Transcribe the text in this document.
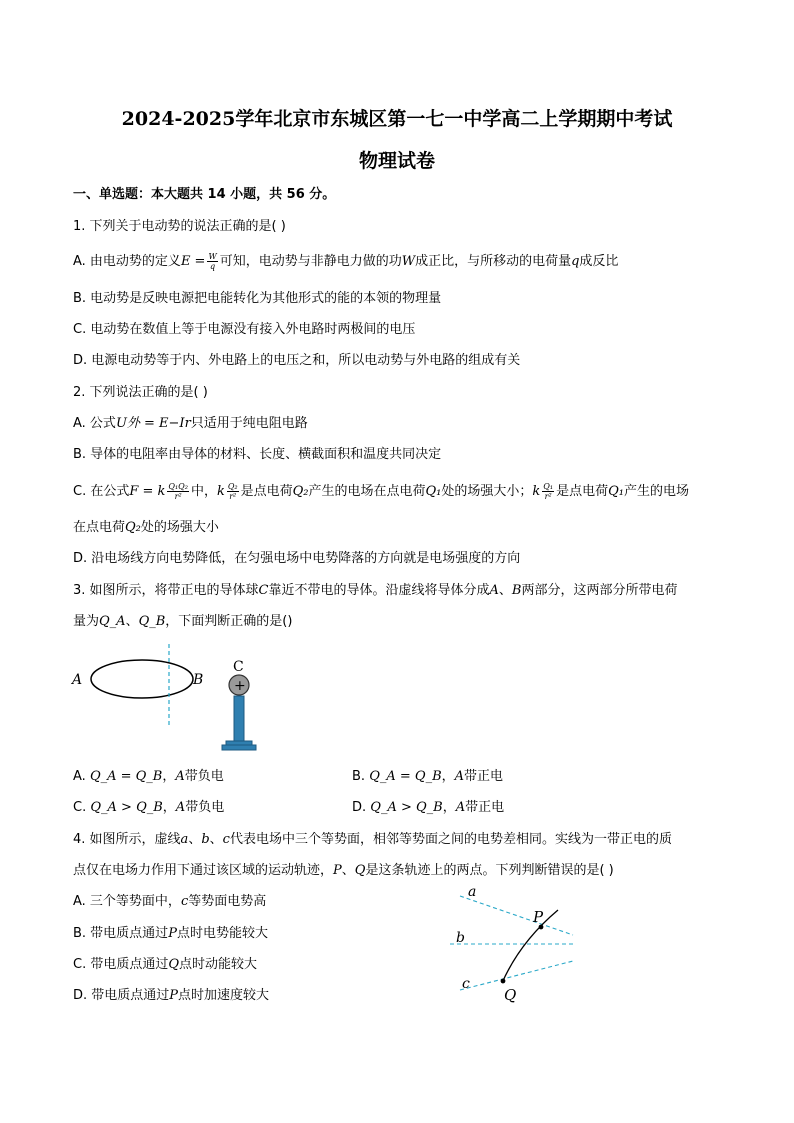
2024-2025学年北京市东城区第一七一中学高二上学期期中考试
物理试卷
一、单选题：本大题共 14 小题，共 56 分。
1. 下列关于电动势的说法正确的是( )
A. 由电动势的定义$E = \frac{W}{q}$ 可知，电动势与非静电力做的功W成正比，与所移动的电荷量q成反比
B. 电动势是反映电源把电能转化为其他形式的能的本领的物理量
C. 电动势在数值上等于电源没有接入外电路时两极间的电压
D. 电源电动势等于内、外电路上的电压之和，所以电动势与外电路的组成有关
2. 下列说法正确的是( )
A. 公式U外 = E−Ir只适用于纯电阻电路
B. 导体的电阻率由导体的材料、长度、横截面积和温度共同决定
C. 在公式F = k $\frac{\text{Q₁Q₂}}{\text{r²}}$ 中，k $\frac{\text{Q₂}}{\text{r²}}$ 是点电荷Q₂产生的电场在点电荷Q₁处的场强大小；k $\frac{\text{Q₁}}{\text{r²}}$ 是点电荷Q₁产生的电场
在点电荷Q₂处的场强大小
D. 沿电场线方向电势降低，在匀强电场中电势降落的方向就是电场强度的方向
3. 如图所示，将带正电的导体球C靠近不带电的导体。沿虚线将导体分成A、B两部分，这两部分所带电荷
量为Q_A、Q_B，下面判断正确的是()
A	B
C
+
A. Q_A = Q_B，A带负电	B. Q_A = Q_B，A带正电
C. Q_A > Q_B，A带负电	D. Q_A > Q_B，A带正电
4. 如图所示，虚线a、b、c代表电场中三个等势面，相邻等势面之间的电势差相同。实线为一带正电的质
点仅在电场力作用下通过该区域的运动轨迹，P、Q是这条轨迹上的两点。下列判断错误的是( )
A. 三个等势面中，c等势面电势高
B. 带电质点通过P点时电势能较大
C. 带电质点通过Q点时动能较大
D. 带电质点通过P点时加速度较大
a
b
c
P
Q
